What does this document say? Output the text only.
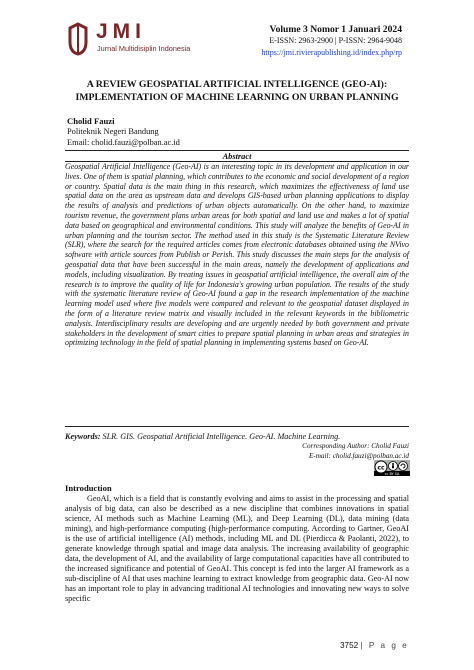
JMI
Jurnal Multidisiplin Indonesia
Volume 3 Nomor 1 Januari 2024
E-ISSN: 2963-2900 | P-ISSN: 2964-9048
https://jmi.rivierapublishing.id/index.php/rp
A REVIEW GEOSPATIAL ARTIFICIAL INTELLIGENCE (GEO-AI): IMPLEMENTATION OF MACHINE LEARNING ON URBAN PLANNING
Cholid Fauzi
Politeknik Negeri Bandung
Email: cholid.fauzi@polban.ac.id
Abstract

Geospatial Artificial Intelligence (Geo-AI) is an interesting topic in its development and application in our lives. One of them is spatial planning, which contributes to the economic and social development of a region or country. Spatial data is the main thing in this research, which maximizes the effectiveness of land use spatial data on the area as upstream data and develops GIS-based urban planning applications to display the results of analysis and predictions of urban objects automatically. On the other hand, to maximize tourism revenue, the government plans urban areas for both spatial and land use and makes a lot of spatial data based on geographical and environmental conditions. This study will analyze the benefits of Geo-AI in urban planning and the tourism sector. The method used in this study is the Systematic Literature Review (SLR), where the search for the required articles comes from electronic databases obtained using the NVivo software with article sources from Publish or Perish. This study discusses the main steps for the analysis of geospatial data that have been successful in the main areas, namely the development of applications and models, including visualization. By treating issues in geospatial artificial intelligence, the overall aim of the research is to improve the quality of life for Indonesia's growing urban population. The results of the study with the systematic literature review of Geo-AI found a gap in the research implementation of the machine learning model used where five models were compared and relevant to the geospatial dataset displayed in the form of a literature review matrix and visually included in the relevant keywords in the bibliometric analysis. Interdisciplinary results are developing and are urgently needed by both government and private stakeholders in the development of smart cities to prepare spatial planning in urban areas and strategies in optimizing technology in the field of spatial planning in implementing systems based on Geo-AI.

Keywords: SLR. GIS. Geospatial Artificial Intelligence. Geo-AI. Machine Learning.
Corresponding Author: Cholid Fauzi
E-mail: cholid.fauzi@polban.ac.id
cc
cc BY SA
Introduction

GeoAI, which is a field that is constantly evolving and aims to assist in the processing and spatial analysis of big data, can also be described as a new discipline that combines innovations in spatial science, AI methods such as Machine Learning (ML), and Deep Learning (DL), data mining (data mining), and high-performance computing (high-performance computing. According to Gartner, GeoAI is the use of artificial intelligence (AI) methods, including ML and DL (Pierdicca & Paolanti, 2022), to generate knowledge through spatial and image data analysis. The increasing availability of geographic data, the development of AI, and the availability of large computational capacities have all contributed to the increased significance and potential of GeoAI. This concept is fed into the larger AI framework as a sub-discipline of AI that uses machine learning to extract knowledge from geographic data. Geo-AI now has an important role to play in advancing traditional AI technologies and innovating new ways to solve specific

3752 | P a g e
